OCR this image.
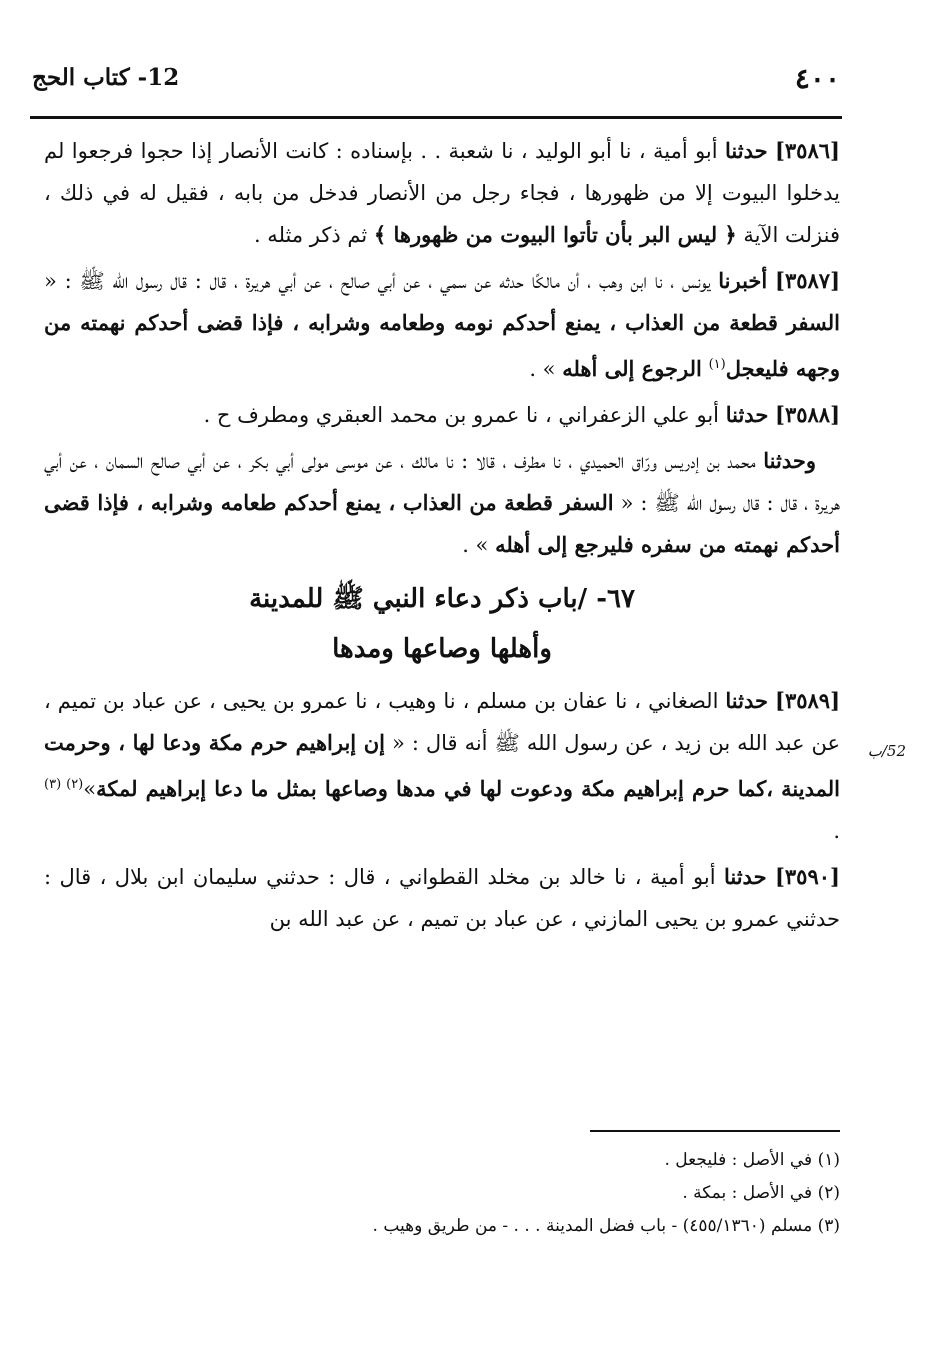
٤٠٠
12- كتاب الحج
52/ب

[٣٥٨٦] حدثنا أبو أمية ، نا أبو الوليد ، نا شعبة . . بإسناده : كانت الأنصار إذا حجوا فرجعوا لم يدخلوا البيوت إلا من ظهورها ، فجاء رجل من الأنصار فدخل من بابه ، فقيل له في ذلك ، فنزلت الآية ﴿ ليس البر بأن تأتوا البيوت من ظهورها ﴾ ثم ذكر مثله .

[٣٥٨٧] أخبرنا يونس ، نا ابن وهب ، أن مالكًا حدثه عن سمي ، عن أبي صالح ، عن أبي هريرة ، قال : قال رسول الله ﷺ : « السفر قطعة من العذاب ، يمنع أحدكم نومه وطعامه وشرابه ، فإذا قضى أحدكم نهمته من وجهه فليعجل$^{(١)}$ الرجوع إلى أهله » .

[٣٥٨٨] حدثنا أبو علي الزعفراني ، نا عمرو بن محمد العبقري ومطرف ح .

وحدثنا محمد بن إدريس ورّاق الحميدي ، نا مطرف ، قالا : نا مالك ، عن موسى مولى أبي بكر ، عن أبي صالح السمان ، عن أبي هريرة ، قال : قال رسول الله ﷺ : « السفر قطعة من العذاب ، يمنع أحدكم طعامه وشرابه ، فإذا قضى أحدكم نهمته من سفره فليرجع إلى أهله » .

٦٧- /باب ذكر دعاء النبي ﷺ للمدينة
وأهلها وصاعها ومدها

[٣٥٨٩] حدثنا الصغاني ، نا عفان بن مسلم ، نا وهيب ، نا عمرو بن يحيى ، عن عباد بن تميم ، عن عبد الله بن زيد ، عن رسول الله ﷺ أنه قال : « إن إبراهيم حرم مكة ودعا لها ، وحرمت المدينة ،كما حرم إبراهيم مكة ودعوت لها في مدها وصاعها بمثل ما دعا إبراهيم لمكة»$^{(٢) (٣)}$ .

[٣٥٩٠] حدثنا أبو أمية ، نا خالد بن مخلد القطواني ، قال : حدثني سليمان ابن بلال ، قال : حدثني عمرو بن يحيى المازني ، عن عباد بن تميم ، عن عبد الله بن

(١) في الأصل : فليجعل .

(٢) في الأصل : بمكة .

(٣) مسلم (٤٥٥/١٣٦٠) - باب فضل المدينة . . . - من طريق وهيب .
